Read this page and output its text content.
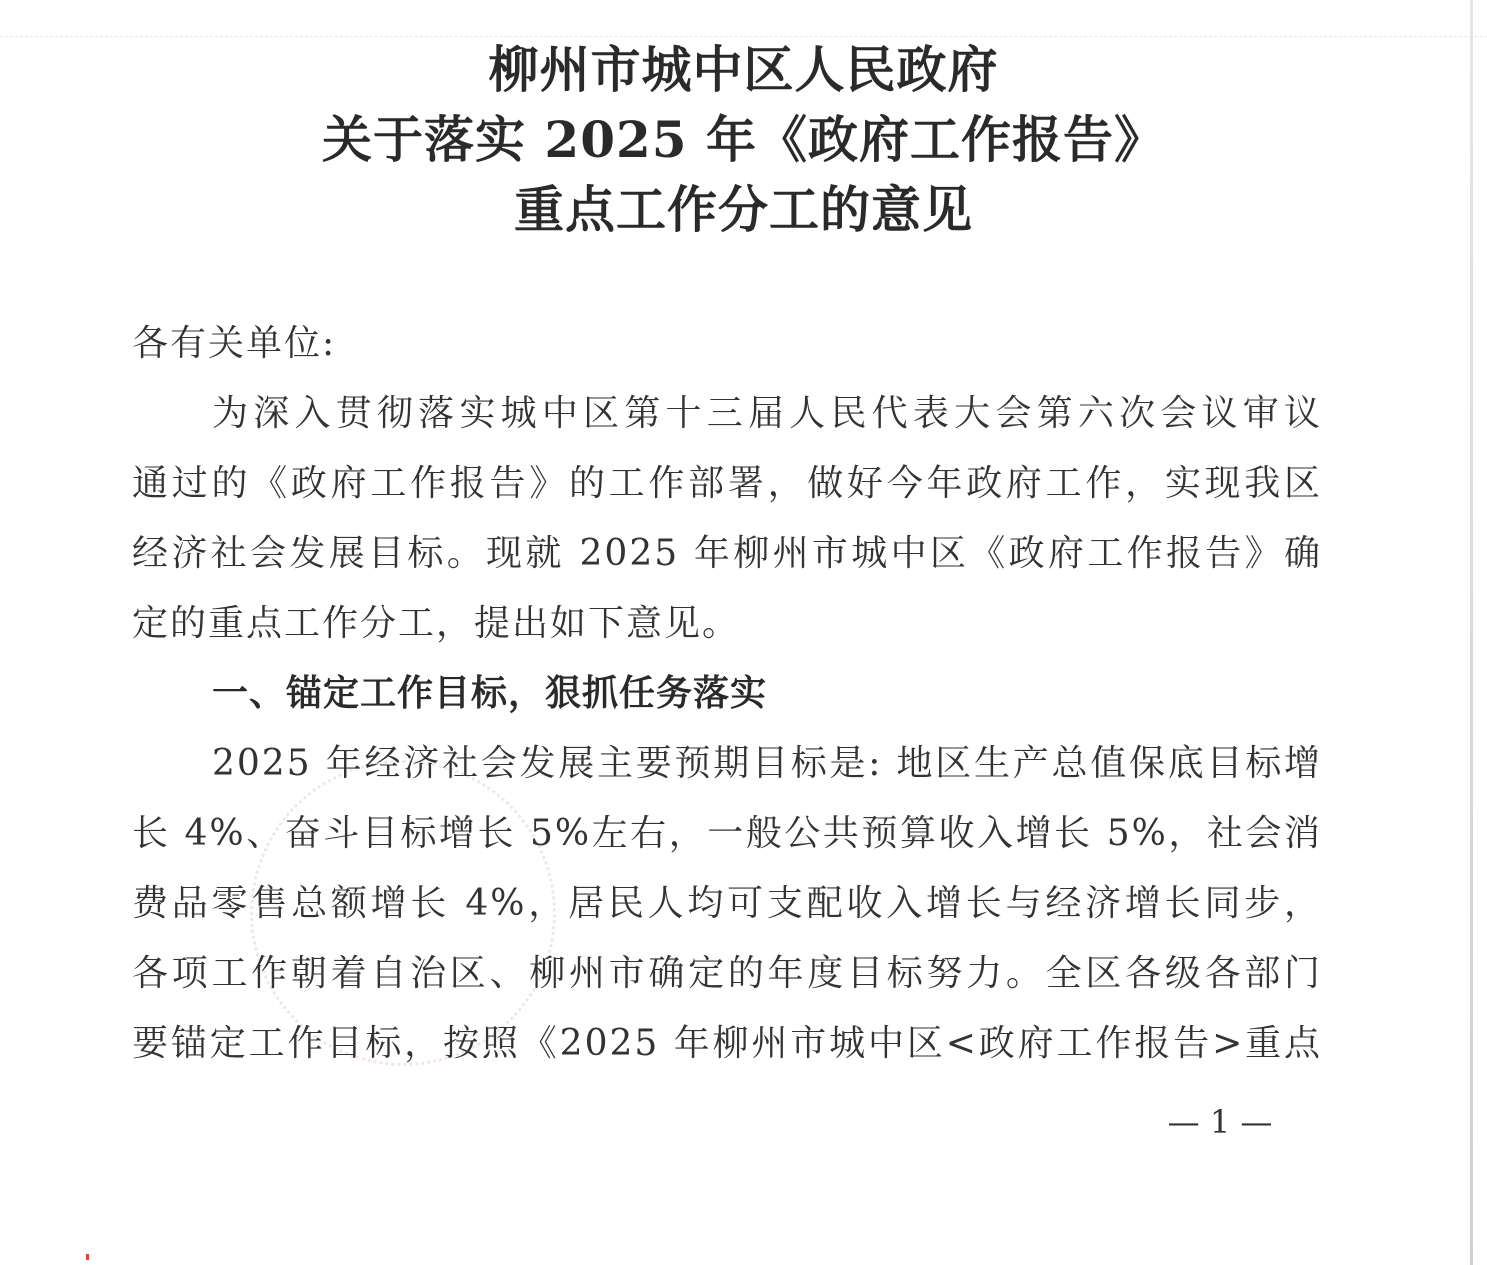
柳州市城中区人民政府
关于落实 2025 年《政府工作报告》
重点工作分工的意见
各有关单位:
为深入贯彻落实城中区第十三届人民代表大会第六次会议审议
通过的《政府工作报告》的工作部署，做好今年政府工作，实现我区
经济社会发展目标。现就 2025 年柳州市城中区《政府工作报告》确
定的重点工作分工，提出如下意见。
一、锚定工作目标，狠抓任务落实
2025 年经济社会发展主要预期目标是: 地区生产总值保底目标增
长 4%、奋斗目标增长 5%左右，一般公共预算收入增长 5%，社会消
费品零售总额增长 4%，居民人均可支配收入增长与经济增长同步，
各项工作朝着自治区、柳州市确定的年度目标努力。全区各级各部门
要锚定工作目标，按照《2025 年柳州市城中区<政府工作报告>重点
— 1 —
